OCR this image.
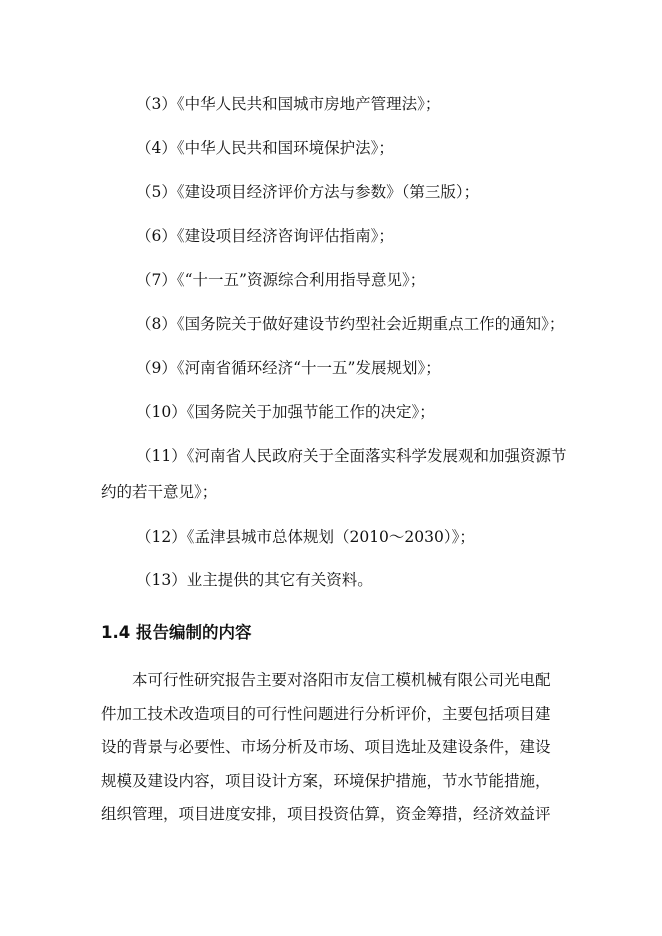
（3）《中华人民共和国城市房地产管理法》；
（4）《中华人民共和国环境保护法》；
（5）《建设项目经济评价方法与参数》（第三版）；
（6）《建设项目经济咨询评估指南》；
（7）《“十一五”资源综合利用指导意见》；
（8）《国务院关于做好建设节约型社会近期重点工作的通知》；
（9）《河南省循环经济“十一五”发展规划》；
（10）《国务院关于加强节能工作的决定》；
（11）《河南省人民政府关于全面落实科学发展观和加强资源节
约的若干意见》；
（12）《孟津县城市总体规划（2010～2030）》；
（13）业主提供的其它有关资料。
1.4 报告编制的内容
本可行性研究报告主要对洛阳市友信工模机械有限公司光电配
件加工技术改造项目的可行性问题进行分析评价，主要包括项目建
设的背景与必要性、市场分析及市场、项目选址及建设条件，建设
规模及建设内容，项目设计方案，环境保护措施，节水节能措施，
组织管理，项目进度安排，项目投资估算，资金筹措，经济效益评
